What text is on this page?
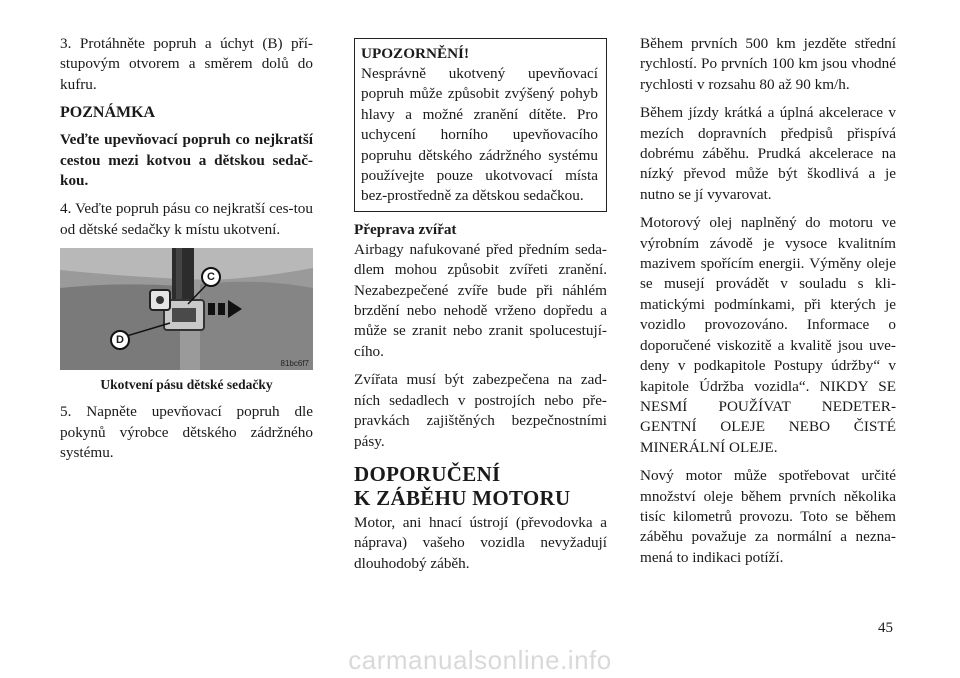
3. Protáhněte popruh a úchyt (B) pří-stupovým otvorem a směrem dolů do kufru.

POZNÁMKA

Veďte upevňovací popruh co nejkratší cestou mezi kotvou a dětskou sedač-kou.

4. Veďte popruh pásu co nejkratší ces-tou od dětské sedačky k místu ukotvení.

C
D
81bc6f7
Ukotvení pásu dětské sedačky

5. Napněte upevňovací popruh dle pokynů výrobce dětského zádržného systému.

UPOZORNĚNÍ!

Nesprávně ukotvený upevňovací popruh může způsobit zvýšený pohyb hlavy a možné zranění dítěte. Pro uchycení horního upevňovacího popruhu dětského zádržného systému používejte pouze ukotvovací místa bez-prostředně za dětskou sedačkou.

Přeprava zvířat

Airbagy nafukované před předním seda-dlem mohou způsobit zvířeti zranění. Nezabezpečené zvíře bude při náhlém brzdění nebo nehodě vrženo dopředu a může se zranit nebo zranit spolucestují-cího.

Zvířata musí být zabezpečena na zad-ních sedadlech v postrojích nebo pře-pravkách zajištěných bezpečnostními pásy.

DOPORUČENÍ
K ZÁBĚHU MOTORU

Motor, ani hnací ústrojí (převodovka a náprava) vašeho vozidla nevyžadují dlouhodobý záběh.

Během prvních 500 km jezděte střední rychlostí. Po prvních 100 km jsou vhodné rychlosti v rozsahu 80 až 90 km/h.

Během jízdy krátká a úplná akcelerace v mezích dopravních předpisů přispívá dobrému záběhu. Prudká akcelerace na nízký převod může být škodlivá a je nutno se jí vyvarovat.

Motorový olej naplněný do motoru ve výrobním závodě je vysoce kvalitním mazivem spořícím energii. Výměny oleje se musejí provádět v souladu s kli-matickými podmínkami, při kterých je vozidlo provozováno. Informace o doporučené viskozitě a kvalitě jsou uve-deny v podkapitole Postupy údržby“ v kapitole Údržba vozidla“. NIKDY SE NESMÍ POUŽÍVAT NEDETER-GENTNÍ OLEJE NEBO ČISTÉ MINERÁLNÍ OLEJE.

Nový motor může spotřebovat určité množství oleje během prvních několika tisíc kilometrů provozu. Toto se během záběhu považuje za normální a nezna-mená to indikaci potíží.

45
carmanualsonline.info
